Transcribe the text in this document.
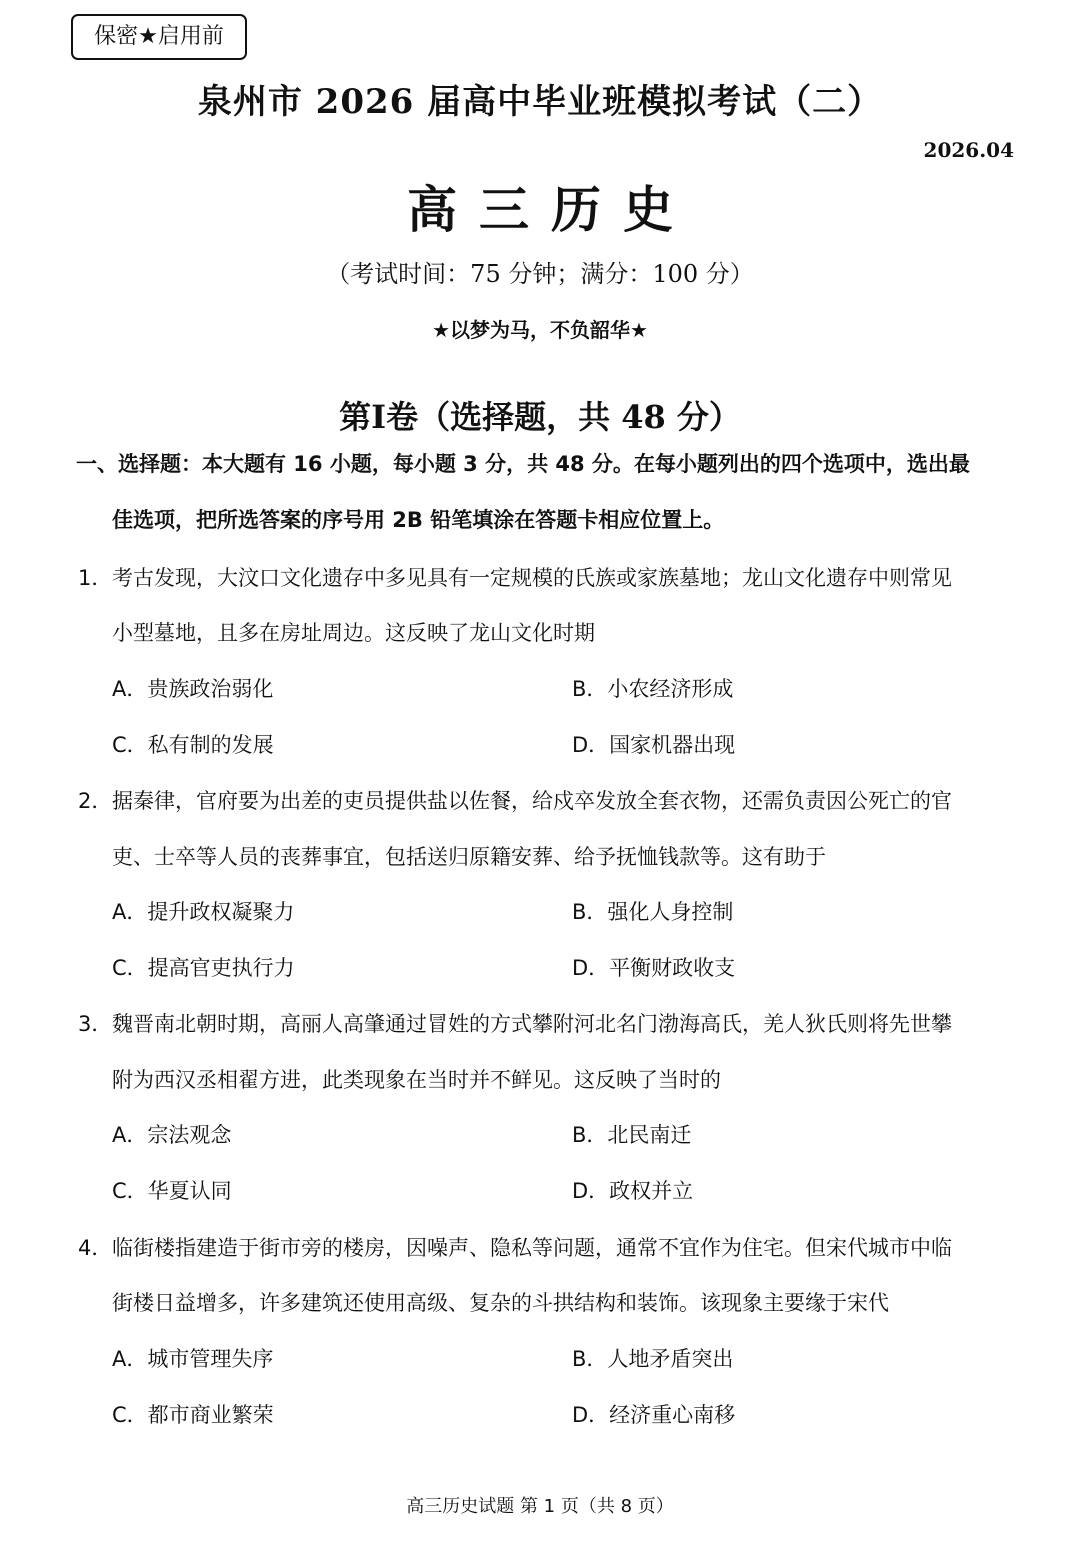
保密★启用前
泉州市 2026 届高中毕业班模拟考试（二）
2026.04
高三历史
（考试时间：75 分钟；满分：100 分）
★以梦为马，不负韶华★
第Ⅰ卷（选择题，共 48 分）
一、选择题：本大题有 16 小题，每小题 3 分，共 48 分。在每小题列出的四个选项中，选出最
佳选项，把所选答案的序号用 2B 铅笔填涂在答题卡相应位置上。
1． 考古发现，大汶口文化遗存中多见具有一定规模的氏族或家族墓地；龙山文化遗存中则常见
小型墓地，且多在房址周边。这反映了龙山文化时期
A．贵族政治弱化	B．小农经济形成
C．私有制的发展	D．国家机器出现
2． 据秦律，官府要为出差的吏员提供盐以佐餐，给戍卒发放全套衣物，还需负责因公死亡的官
吏、士卒等人员的丧葬事宜，包括送归原籍安葬、给予抚恤钱款等。这有助于
A．提升政权凝聚力	B．强化人身控制
C．提高官吏执行力	D．平衡财政收支
3． 魏晋南北朝时期，高丽人高肇通过冒姓的方式攀附河北名门渤海高氏，羌人狄氏则将先世攀
附为西汉丞相翟方进，此类现象在当时并不鲜见。这反映了当时的
A．宗法观念	B．北民南迁
C．华夏认同	D．政权并立
4． 临街楼指建造于街市旁的楼房，因噪声、隐私等问题，通常不宜作为住宅。但宋代城市中临
街楼日益增多，许多建筑还使用高级、复杂的斗拱结构和装饰。该现象主要缘于宋代
A．城市管理失序	B．人地矛盾突出
C．都市商业繁荣	D．经济重心南移
高三历史试题 第 1 页（共 8 页）
